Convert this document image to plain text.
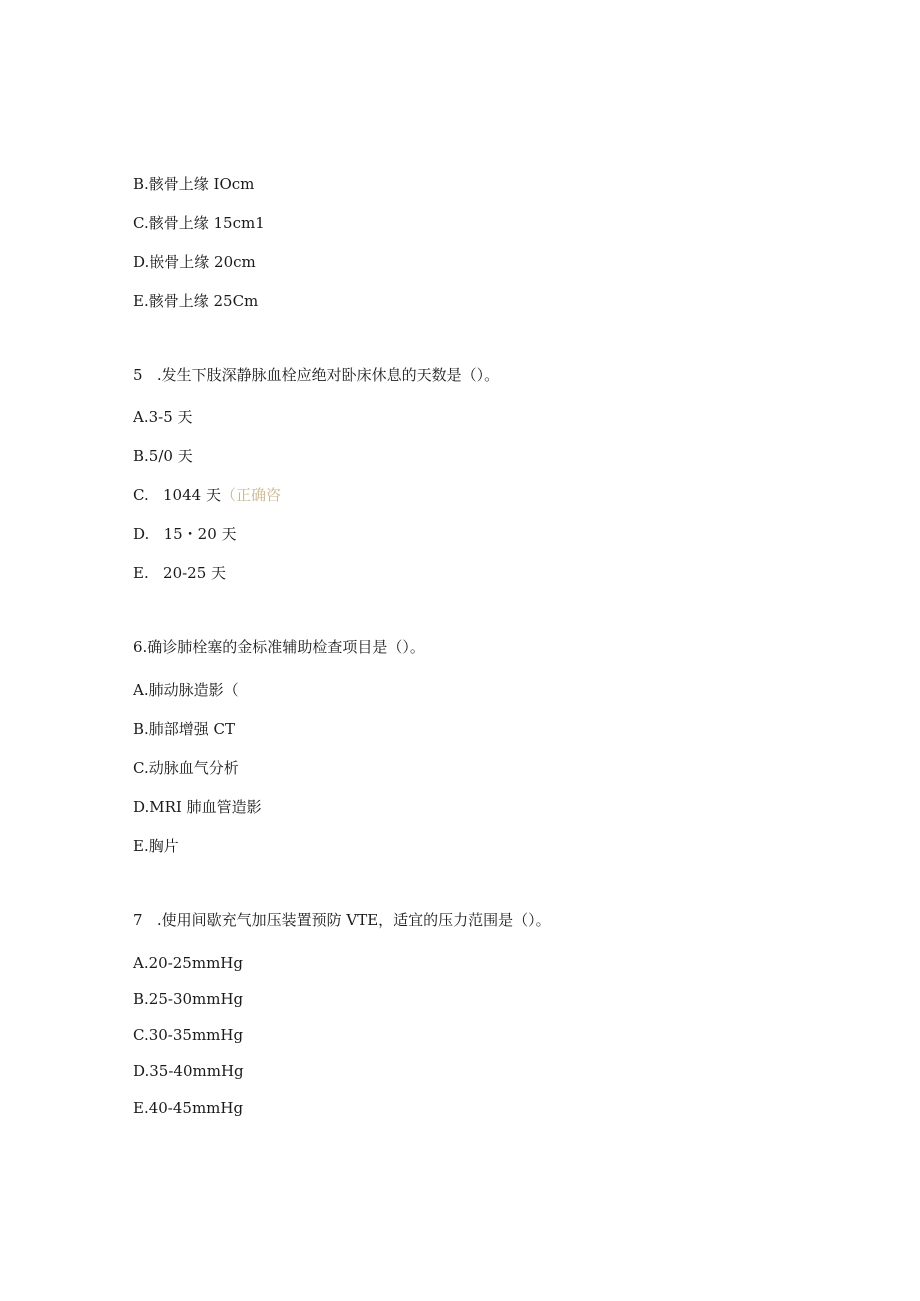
B.骸骨上缘 IOcm
C.骸骨上缘 15cm1
D.嵌骨上缘 20cm
E.骸骨上缘 25Cm
5   .发生下肢深静脉血栓应绝对卧床休息的天数是（）。
A.3-5 天
B.5/0 天
C.   1044 天（正确咨
D.   15・20 天
E.   20-25 天
6.确诊肺栓塞的金标准辅助检查项目是（）。
A.肺动脉造影（
B.肺部增强 CT
C.动脉血气分析
D.MRI 肺血管造影
E.胸片
7   .使用间歇充气加压装置预防 VTE，适宜的压力范围是（）。
A.20-25mmHg
B.25-30mmHg
C.30-35mmHg
D.35-40mmHg
E.40-45mmHg
